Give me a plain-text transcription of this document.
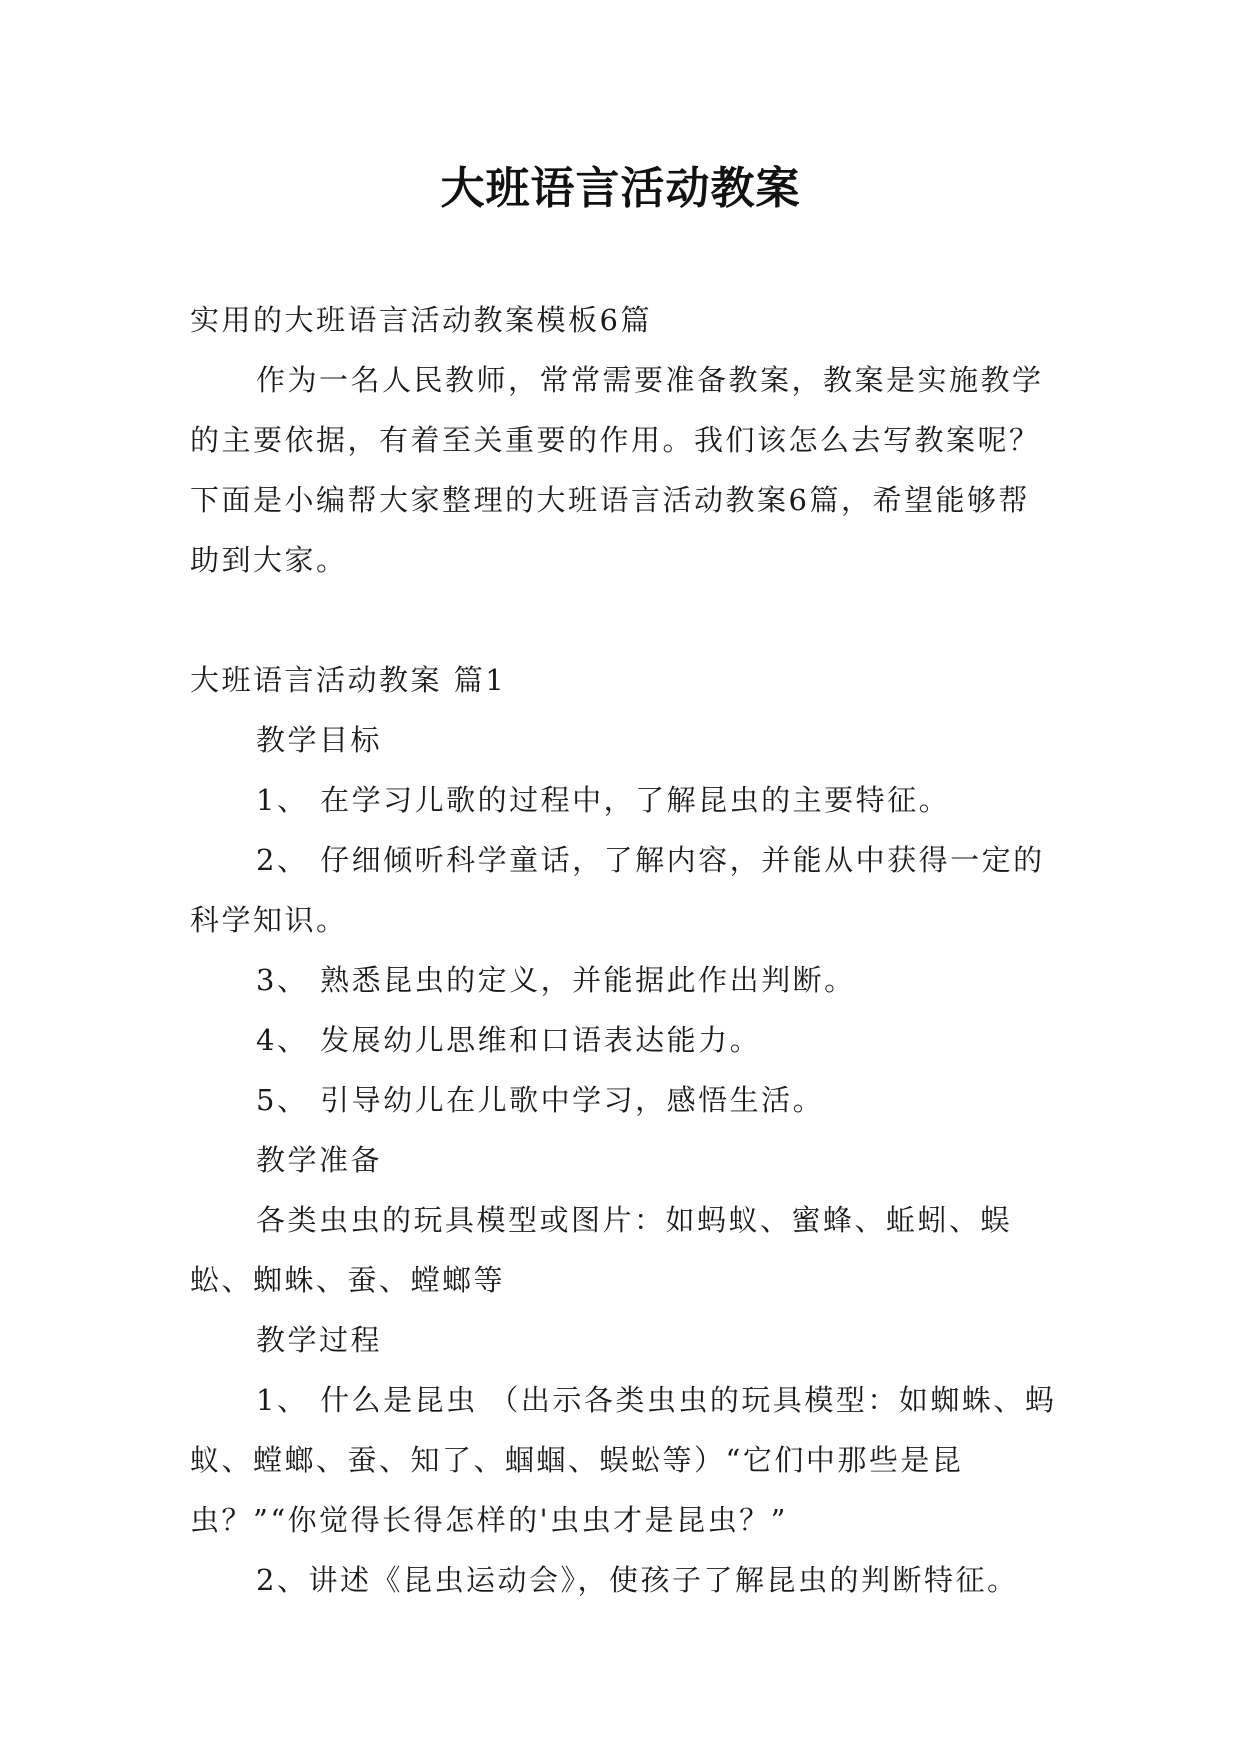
大班语言活动教案

实用的大班语言活动教案模板6篇

作为一名人民教师，常常需要准备教案，教案是实施教学的主要依据，有着至关重要的作用。我们该怎么去写教案呢？下面是小编帮大家整理的大班语言活动教案6篇，希望能够帮助到大家。

大班语言活动教案 篇1

教学目标

1、 在学习儿歌的过程中，了解昆虫的主要特征。

2、 仔细倾听科学童话，了解内容，并能从中获得一定的科学知识。

3、 熟悉昆虫的定义，并能据此作出判断。

4、 发展幼儿思维和口语表达能力。

5、 引导幼儿在儿歌中学习，感悟生活。

教学准备

各类虫虫的玩具模型或图片：如蚂蚁、蜜蜂、蚯蚓、蜈蚣、蜘蛛、蚕、螳螂等

教学过程

1、 什么是昆虫 （出示各类虫虫的玩具模型：如蜘蛛、蚂蚁、螳螂、蚕、知了、蝈蝈、蜈蚣等）“它们中那些是昆虫？”“你觉得长得怎样的'虫虫才是昆虫？”

2、讲述《昆虫运动会》，使孩子了解昆虫的判断特征。
